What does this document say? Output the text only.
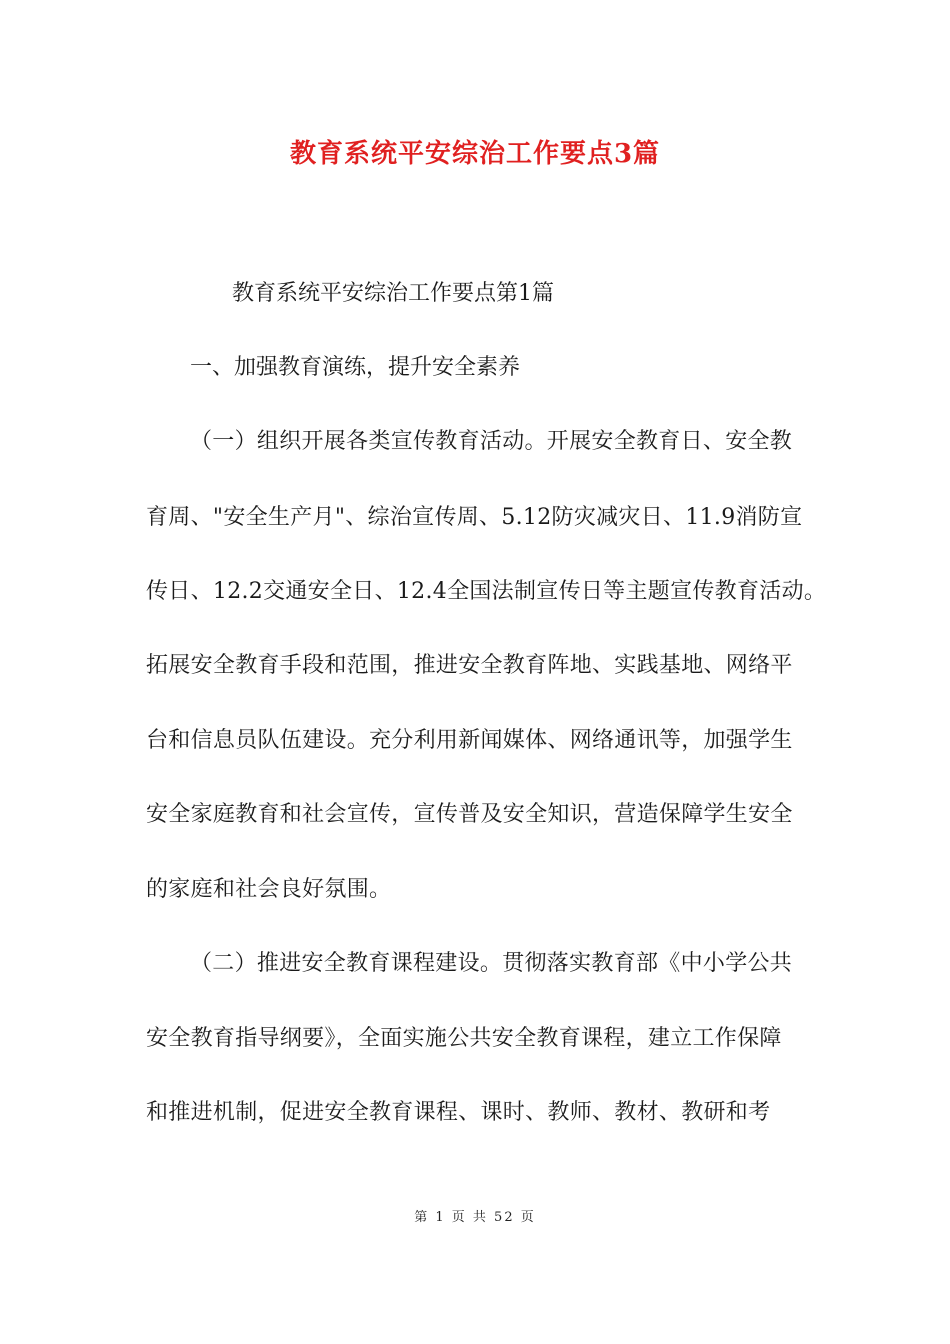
教育系统平安综治工作要点3篇
教育系统平安综治工作要点第1篇
一、加强教育演练，提升安全素养
（一）组织开展各类宣传教育活动。开展安全教育日、安全教
育周、"安全生产月"、综治宣传周、5.12防灾减灾日、11.9消防宣
传日、12.2交通安全日、12.4全国法制宣传日等主题宣传教育活动。
拓展安全教育手段和范围，推进安全教育阵地、实践基地、网络平
台和信息员队伍建设。充分利用新闻媒体、网络通讯等，加强学生
安全家庭教育和社会宣传，宣传普及安全知识，营造保障学生安全
的家庭和社会良好氛围。
（二）推进安全教育课程建设。贯彻落实教育部《中小学公共
安全教育指导纲要》，全面实施公共安全教育课程，建立工作保障
和推进机制，促进安全教育课程、课时、教师、教材、教研和考
第 1 页 共 52 页
